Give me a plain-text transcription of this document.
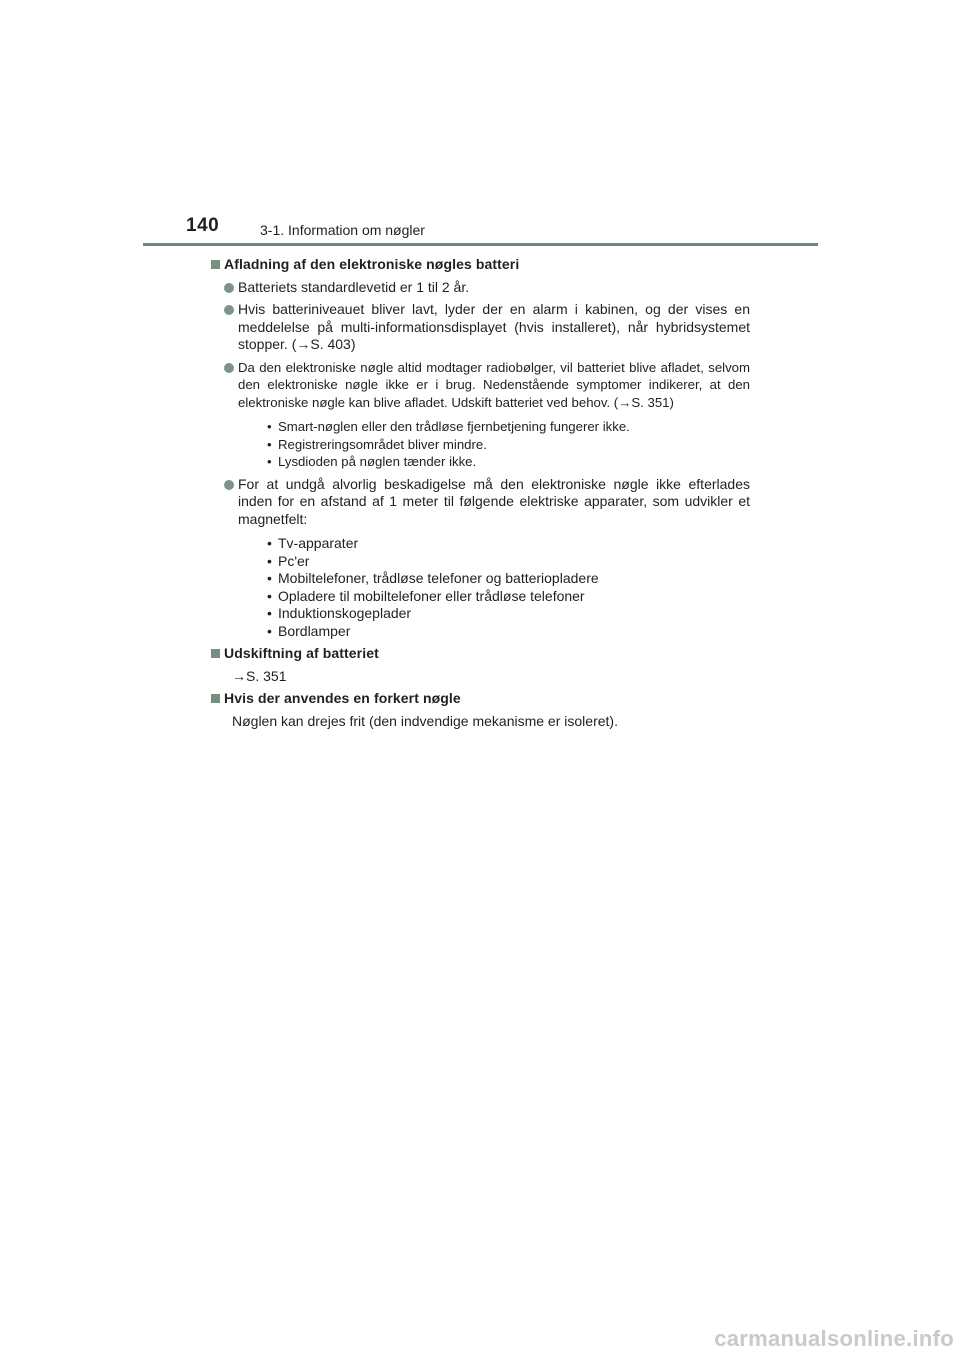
140	3-1. Information om nøgler
Afladning af den elektroniske nøgles batteri
Batteriets standardlevetid er 1 til 2 år.
Hvis batteriniveauet bliver lavt, lyder der en alarm i kabinen, og der vises en meddelelse på multi-informationsdisplayet (hvis installeret), når hybridsystemet stopper. (→S. 403)
Da den elektroniske nøgle altid modtager radiobølger, vil batteriet blive afladet, selvom den elektroniske nøgle ikke er i brug. Nedenstående symptomer indikerer, at den elektroniske nøgle kan blive afladet. Udskift batteriet ved behov. (→S. 351)
• Smart-nøglen eller den trådløse fjernbetjening fungerer ikke.
• Registreringsområdet bliver mindre.
• Lysdioden på nøglen tænder ikke.
For at undgå alvorlig beskadigelse må den elektroniske nøgle ikke efterlades inden for en afstand af 1 meter til følgende elektriske apparater, som udvikler et magnetfelt:
• Tv-apparater
• Pc'er
• Mobiltelefoner, trådløse telefoner og batteriopladere
• Opladere til mobiltelefoner eller trådløse telefoner
• Induktionskogeplader
• Bordlamper
Udskiftning af batteriet
→S. 351
Hvis der anvendes en forkert nøgle
Nøglen kan drejes frit (den indvendige mekanisme er isoleret).
carmanualsonline.info
